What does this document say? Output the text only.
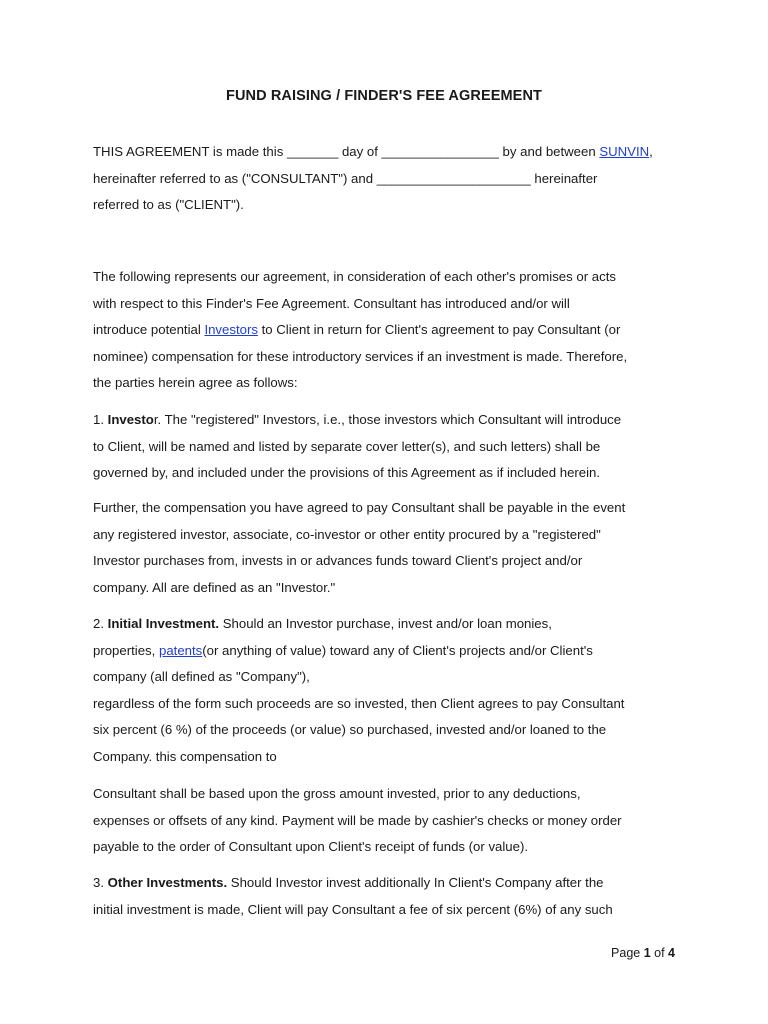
FUND RAISING / FINDER'S FEE AGREEMENT

THIS AGREEMENT is made this _______ day of ________________ by and between SUNVIN,

hereinafter referred to as ("CONSULTANT") and _____________________ hereinafter

referred to as ("CLIENT").

The following represents our agreement, in consideration of each other's promises or acts

with respect to this Finder's Fee Agreement. Consultant has introduced and/or will

introduce potential Investors to Client in return for Client's agreement to pay Consultant (or

nominee) compensation for these introductory services if an investment is made. Therefore,

the parties herein agree as follows:

1. Investor. The "registered" Investors, i.e., those investors which Consultant will introduce

to Client, will be named and listed by separate cover letter(s), and such letters) shall be

governed by, and included under the provisions of this Agreement as if included herein.

Further, the compensation you have agreed to pay Consultant shall be payable in the event

any registered investor, associate, co-investor or other entity procured by a "registered"

Investor purchases from, invests in or advances funds toward Client's project and/or

company. All are defined as an "Investor."

2. Initial Investment. Should an Investor purchase, invest and/or loan monies,

properties, patents(or anything of value) toward any of Client's projects and/or Client's

company (all defined as "Company"),

regardless of the form such proceeds are so invested, then Client agrees to pay Consultant

six percent (6 %) of the proceeds (or value) so purchased, invested and/or loaned to the

Company. this compensation to

Consultant shall be based upon the gross amount invested, prior to any deductions,

expenses or offsets of any kind. Payment will be made by cashier's checks or money order

payable to the order of Consultant upon Client's receipt of funds (or value).

3. Other Investments. Should Investor invest additionally In Client's Company after the

initial investment is made, Client will pay Consultant a fee of six percent (6%) of any such

Page 1 of 4
